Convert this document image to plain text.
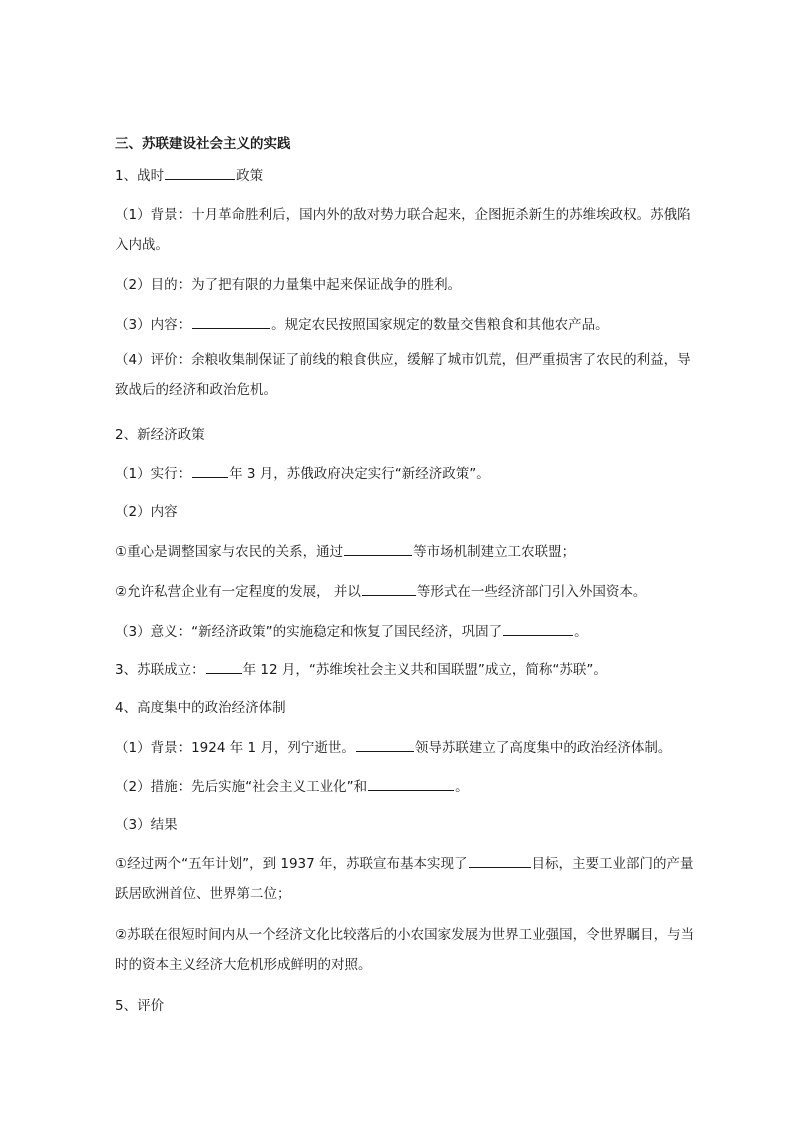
三、苏联建设社会主义的实践
1、战时	政策
（1）背景：十月革命胜利后，国内外的敌对势力联合起来，企图扼杀新生的苏维埃政权。苏俄陷入内战。
（2）目的：为了把有限的力量集中起来保证战争的胜利。
（3）内容：	。规定农民按照国家规定的数量交售粮食和其他农产品。
（4）评价：余粮收集制保证了前线的粮食供应，缓解了城市饥荒，但严重损害了农民的利益，导致战后的经济和政治危机。
2、新经济政策
（1）实行：	年 3 月，苏俄政府决定实行“新经济政策”。
（2）内容
①重心是调整国家与农民的关系，通过	等市场机制建立工农联盟；
②允许私营企业有一定程度的发展， 并以	等形式在一些经济部门引入外国资本。
（3）意义：“新经济政策”的实施稳定和恢复了国民经济，巩固了	。
3、苏联成立：	年 12 月，“苏维埃社会主义共和国联盟”成立，简称“苏联”。
4、高度集中的政治经济体制
（1）背景：1924 年 1 月，列宁逝世。	领导苏联建立了高度集中的政治经济体制。
（2）措施：先后实施“社会主义工业化”和	。
（3）结果
①经过两个“五年计划”，到 1937 年，苏联宣布基本实现了	目标，主要工业部门的产量跃居欧洲首位、世界第二位；
②苏联在很短时间内从一个经济文化比较落后的小农国家发展为世界工业强国，令世界瞩目，与当时的资本主义经济大危机形成鲜明的对照。
5、评价
